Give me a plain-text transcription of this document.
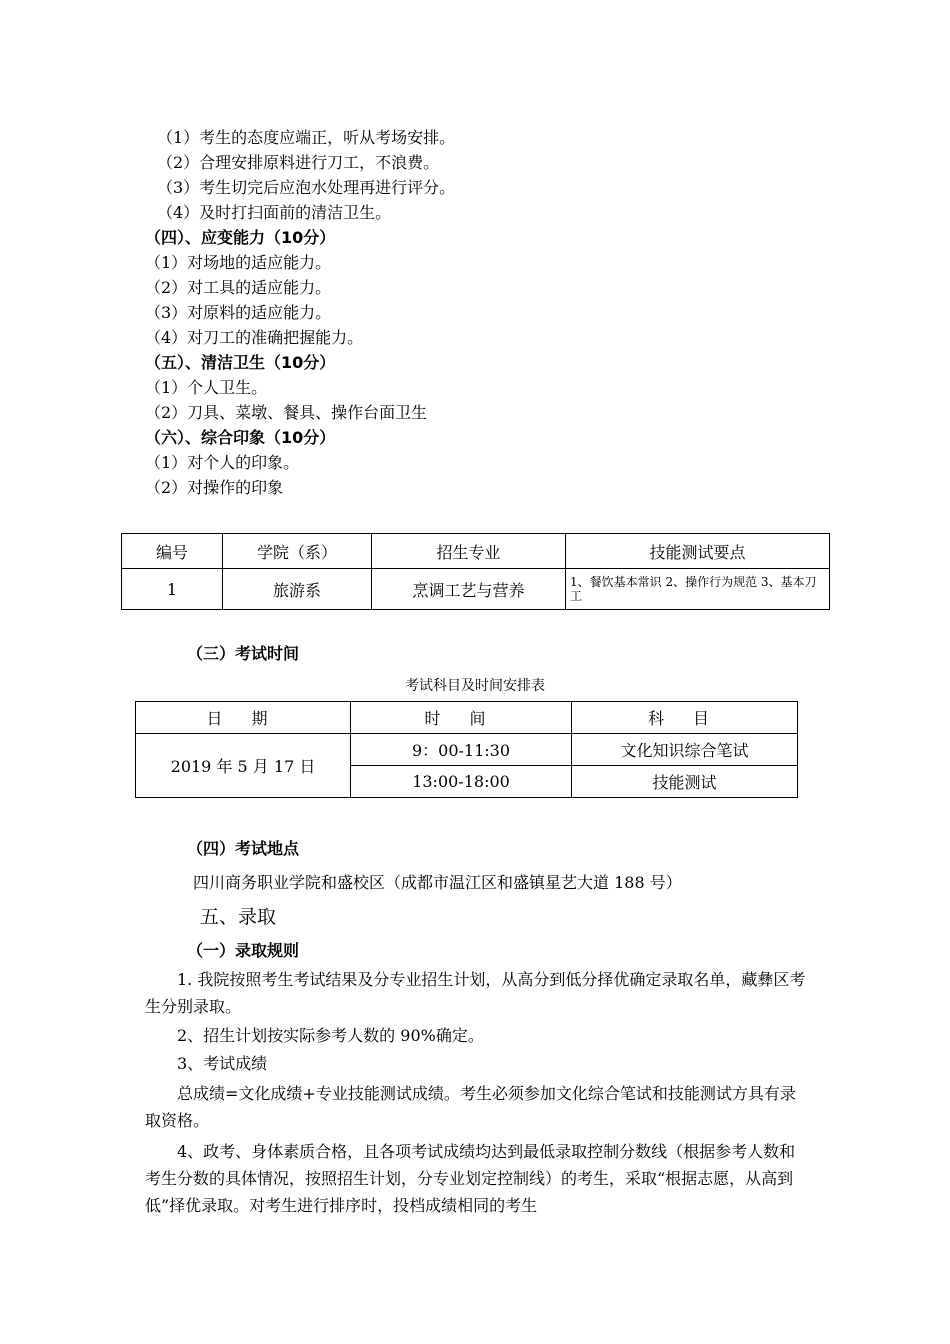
（1）考生的态度应端正，听从考场安排。
（2）合理安排原料进行刀工，不浪费。
（3）考生切完后应泡水处理再进行评分。
（4）及时打扫面前的清洁卫生。
（四）、应变能力（10分）
（1）对场地的适应能力。
（2）对工具的适应能力。
（3）对原料的适应能力。
（4）对刀工的准确把握能力。
（五）、清洁卫生（10分）
（1）个人卫生。
（2）刀具、菜墩、餐具、操作台面卫生
（六）、综合印象（10分）
（1）对个人的印象。
（2）对操作的印象
编号	学院（系）	招生专业	技能测试要点
1	旅游系	烹调工艺与营养	1、餐饮基本常识 2、操作行为规范 3、基本刀工
（三）考试时间
考试科目及时间安排表
日 期	时 间	科 目
2019 年 5 月 17 日	9：00-11:30	文化知识综合笔试
	13:00-18:00	技能测试
（四）考试地点
四川商务职业学院和盛校区（成都市温江区和盛镇星艺大道 188 号）
五、录取
（一）录取规则
1. 我院按照考生考试结果及分专业招生计划，从高分到低分择优确定录取名单，藏彝区考生分别录取。
2、招生计划按实际参考人数的 90%确定。
3、考试成绩
总成绩=文化成绩+专业技能测试成绩。考生必须参加文化综合笔试和技能测试方具有录取资格。
4、政考、身体素质合格，且各项考试成绩均达到最低录取控制分数线（根据参考人数和考生分数的具体情况，按照招生计划，分专业划定控制线）的考生，采取“根据志愿，从高到低”择优录取。对考生进行排序时，投档成绩相同的考生
